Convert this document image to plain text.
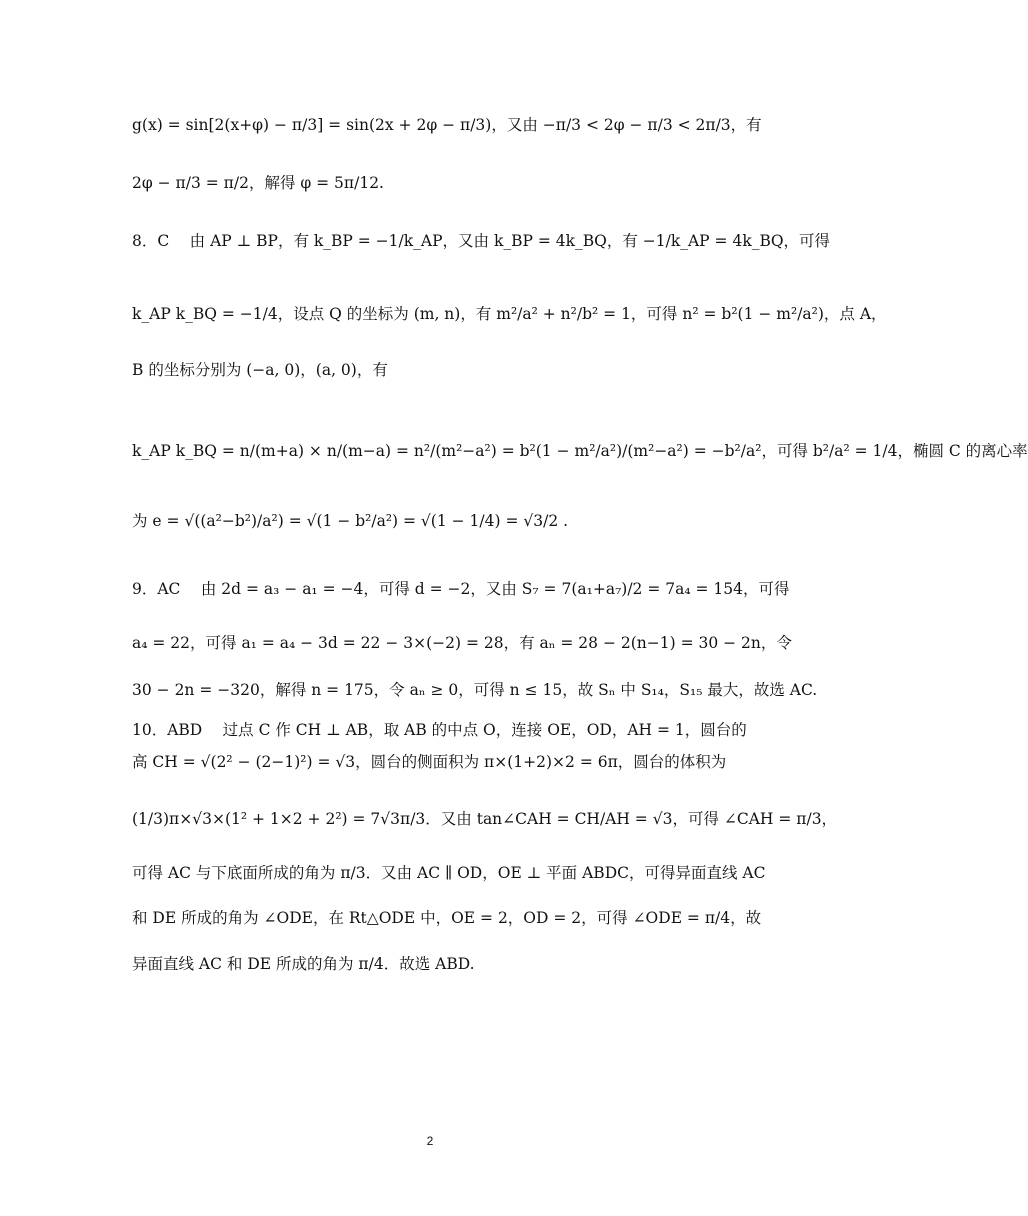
g(x) = sin[2(x+φ) − π/3] = sin(2x + 2φ − π/3)，又由 −π/3 < 2φ − π/3 < 2π/3，有
2φ − π/3 = π/2，解得 φ = 5π/12.
8．C　 由 AP ⊥ BP，有 k_BP = −1/k_AP，又由 k_BP = 4k_BQ，有 −1/k_AP = 4k_BQ，可得
k_AP k_BQ = −1/4，设点 Q 的坐标为 (m, n)，有 m²/a² + n²/b² = 1，可得 n² = b²(1 − m²/a²)，点 A，
B 的坐标分别为 (−a, 0)，(a, 0)，有
k_AP k_BQ = n/(m+a) × n/(m−a) = n²/(m²−a²) = b²(1 − m²/a²)/(m²−a²) = −b²/a²，可得 b²/a² = 1/4，椭圆 C 的离心率
为 e = √((a²−b²)/a²) = √(1 − b²/a²) = √(1 − 1/4) = √3/2 .
9．AC　 由 2d = a₃ − a₁ = −4，可得 d = −2，又由 S₇ = 7(a₁+a₇)/2 = 7a₄ = 154，可得
a₄ = 22，可得 a₁ = a₄ − 3d = 22 − 3×(−2) = 28，有 aₙ = 28 − 2(n−1) = 30 − 2n，令
30 − 2n = −320，解得 n = 175，令 aₙ ≥ 0，可得 n ≤ 15，故 Sₙ 中 S₁₄，S₁₅ 最大，故选 AC.
10．ABD　 过点 C 作 CH ⊥ AB，取 AB 的中点 O，连接 OE，OD，AH = 1，圆台的
高 CH = √(2² − (2−1)²) = √3，圆台的侧面积为 π×(1+2)×2 = 6π，圆台的体积为
(1/3)π×√3×(1² + 1×2 + 2²) = 7√3π/3．又由 tan∠CAH = CH/AH = √3，可得 ∠CAH = π/3，
可得 AC 与下底面所成的角为 π/3．又由 AC ∥ OD，OE ⊥ 平面 ABDC，可得异面直线 AC
和 DE 所成的角为 ∠ODE，在 Rt△ODE 中，OE = 2，OD = 2，可得 ∠ODE = π/4，故
异面直线 AC 和 DE 所成的角为 π/4．故选 ABD.
2
